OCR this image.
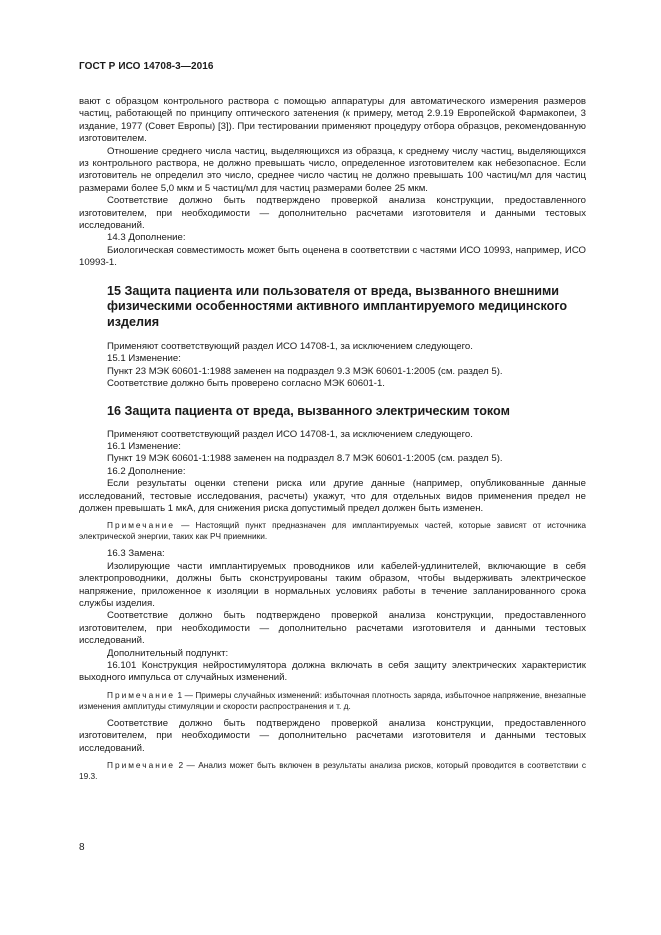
ГОСТ Р ИСО 14708-3—2016

вают с образцом контрольного раствора с помощью аппаратуры для автоматического измерения размеров частиц, работающей по принципу оптического затенения (к примеру, метод 2.9.19 Европейской Фармакопеи, 3 издание, 1977 (Совет Европы) [3]). При тестировании применяют процедуру отбора образцов, рекомендованную изготовителем.

Отношение среднего числа частиц, выделяющихся из образца, к среднему числу частиц, выделяющихся из контрольного раствора, не должно превышать число, определенное изготовителем как небезопасное. Если изготовитель не определил это число, среднее число частиц не должно превышать 100 частиц/мл для частиц размерами более 5,0 мкм и 5 частиц/мл для частиц размерами более 25 мкм.

Соответствие должно быть подтверждено проверкой анализа конструкции, предоставленного изготовителем, при необходимости — дополнительно расчетами изготовителя и данными тестовых исследований.

14.3 Дополнение:

Биологическая совместимость может быть оценена в соответствии с частями ИСО 10993, например, ИСО 10993-1.

15 Защита пациента или пользователя от вреда, вызванного внешними физическими особенностями активного имплантируемого медицинского изделия

Применяют соответствующий раздел ИСО 14708-1, за исключением следующего.

15.1 Изменение:

Пункт 23 МЭК 60601-1:1988 заменен на подраздел 9.3 МЭК 60601-1:2005 (см. раздел 5).

Соответствие должно быть проверено согласно МЭК 60601-1.

16 Защита пациента от вреда, вызванного электрическим током

Применяют соответствующий раздел ИСО 14708-1, за исключением следующего.

16.1 Изменение:

Пункт 19 МЭК 60601-1:1988 заменен на подраздел 8.7 МЭК 60601-1:2005 (см. раздел 5).

16.2 Дополнение:

Если результаты оценки степени риска или другие данные (например, опубликованные данные исследований, тестовые исследования, расчеты) укажут, что для отдельных видов применения предел не должен превышать 1 мкА, для снижения риска допустимый предел должен быть изменен.

Примечание — Настоящий пункт предназначен для имплантируемых частей, которые зависят от источника электрической энергии, таких как РЧ приемники.

16.3 Замена:

Изолирующие части имплантируемых проводников или кабелей-удлинителей, включающие в себя электропроводники, должны быть сконструированы таким образом, чтобы выдерживать электрическое напряжение, приложенное к изоляции в нормальных условиях работы в течение запланированного срока службы изделия.

Соответствие должно быть подтверждено проверкой анализа конструкции, предоставленного изготовителем, при необходимости — дополнительно расчетами изготовителя и данными тестовых исследований.

Дополнительный подпункт:

16.101 Конструкция нейростимулятора должна включать в себя защиту электрических характеристик выходного импульса от случайных изменений.

Примечание 1 — Примеры случайных изменений: избыточная плотность заряда, избыточное напряжение, внезапные изменения амплитуды стимуляции и скорости распространения и т. д.

Соответствие должно быть подтверждено проверкой анализа конструкции, предоставленного изготовителем, при необходимости — дополнительно расчетами изготовителя и данными тестовых исследований.

Примечание 2 — Анализ может быть включен в результаты анализа рисков, который проводится в соответствии с 19.3.

8
